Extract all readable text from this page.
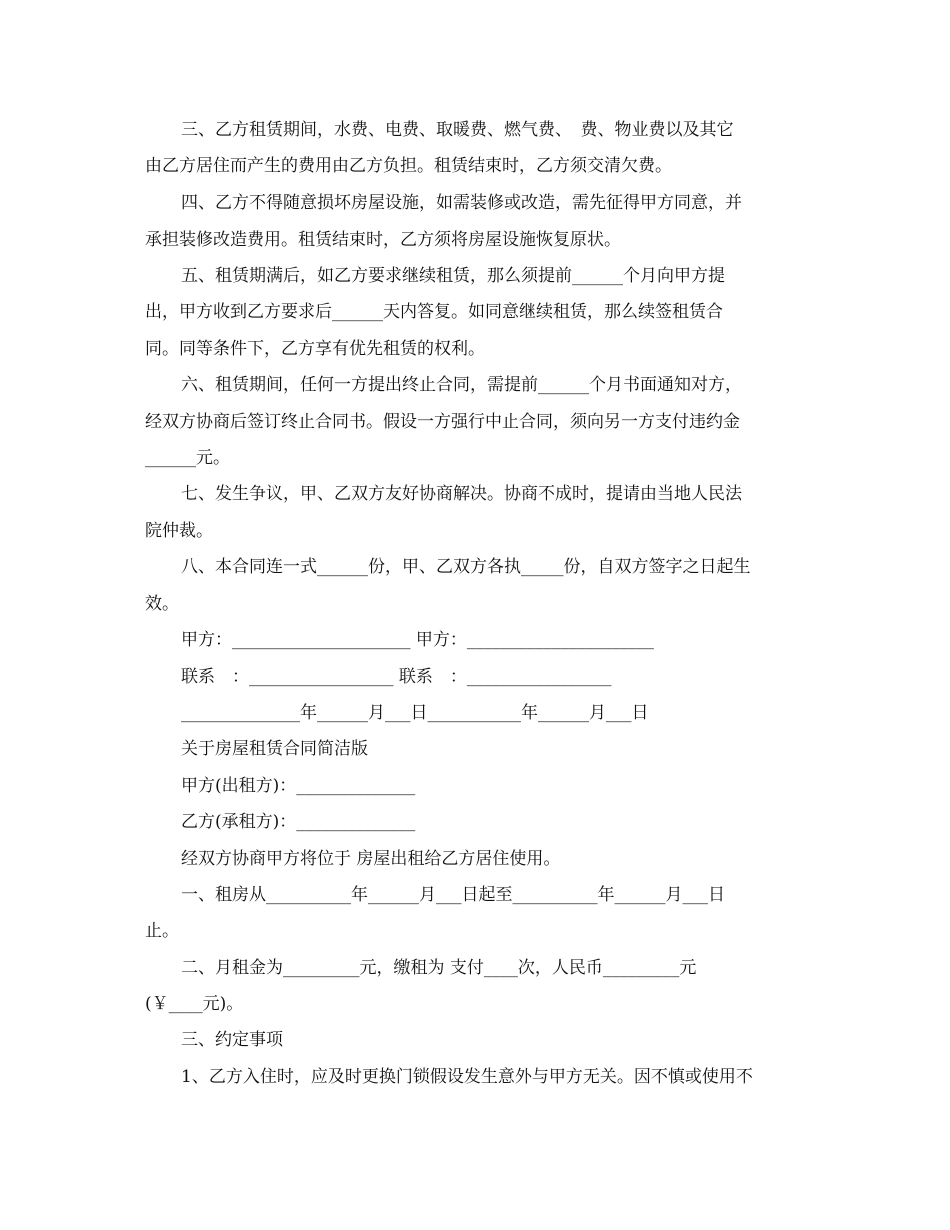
三、乙方租赁期间，水费、电费、取暖费、燃气费、　费、物业费以及其它
由乙方居住而产生的费用由乙方负担。租赁结束时，乙方须交清欠费。
四、乙方不得随意损坏房屋设施，如需装修或改造，需先征得甲方同意，并
承担装修改造费用。租赁结束时，乙方须将房屋设施恢复原状。
五、租赁期满后，如乙方要求继续租赁，那么须提前______个月向甲方提
出，甲方收到乙方要求后______天内答复。如同意继续租赁，那么续签租赁合
同。同等条件下，乙方享有优先租赁的权利。
六、租赁期间，任何一方提出终止合同，需提前______个月书面通知对方，
经双方协商后签订终止合同书。假设一方强行中止合同，须向另一方支付违约金
______元。
七、发生争议，甲、乙双方友好协商解决。协商不成时，提请由当地人民法
院仲裁。
八、本合同连一式______份，甲、乙双方各执_____份，自双方签字之日起生
效。
甲方：_____________________ 甲方：______________________
联系　：_________________ 联系　：_________________
______________年______月___日___________年______月___日
关于房屋租赁合同简洁版
甲方(出租方)：______________
乙方(承租方)：______________
经双方协商甲方将位于 房屋出租给乙方居住使用。
一、租房从__________年______月___日起至__________年______月___日
止。
二、月租金为_________元，缴租为 支付____次，人民币_________元
(￥____元)。
三、约定事项
1、乙方入住时，应及时更换门锁假设发生意外与甲方无关。因不慎或使用不
